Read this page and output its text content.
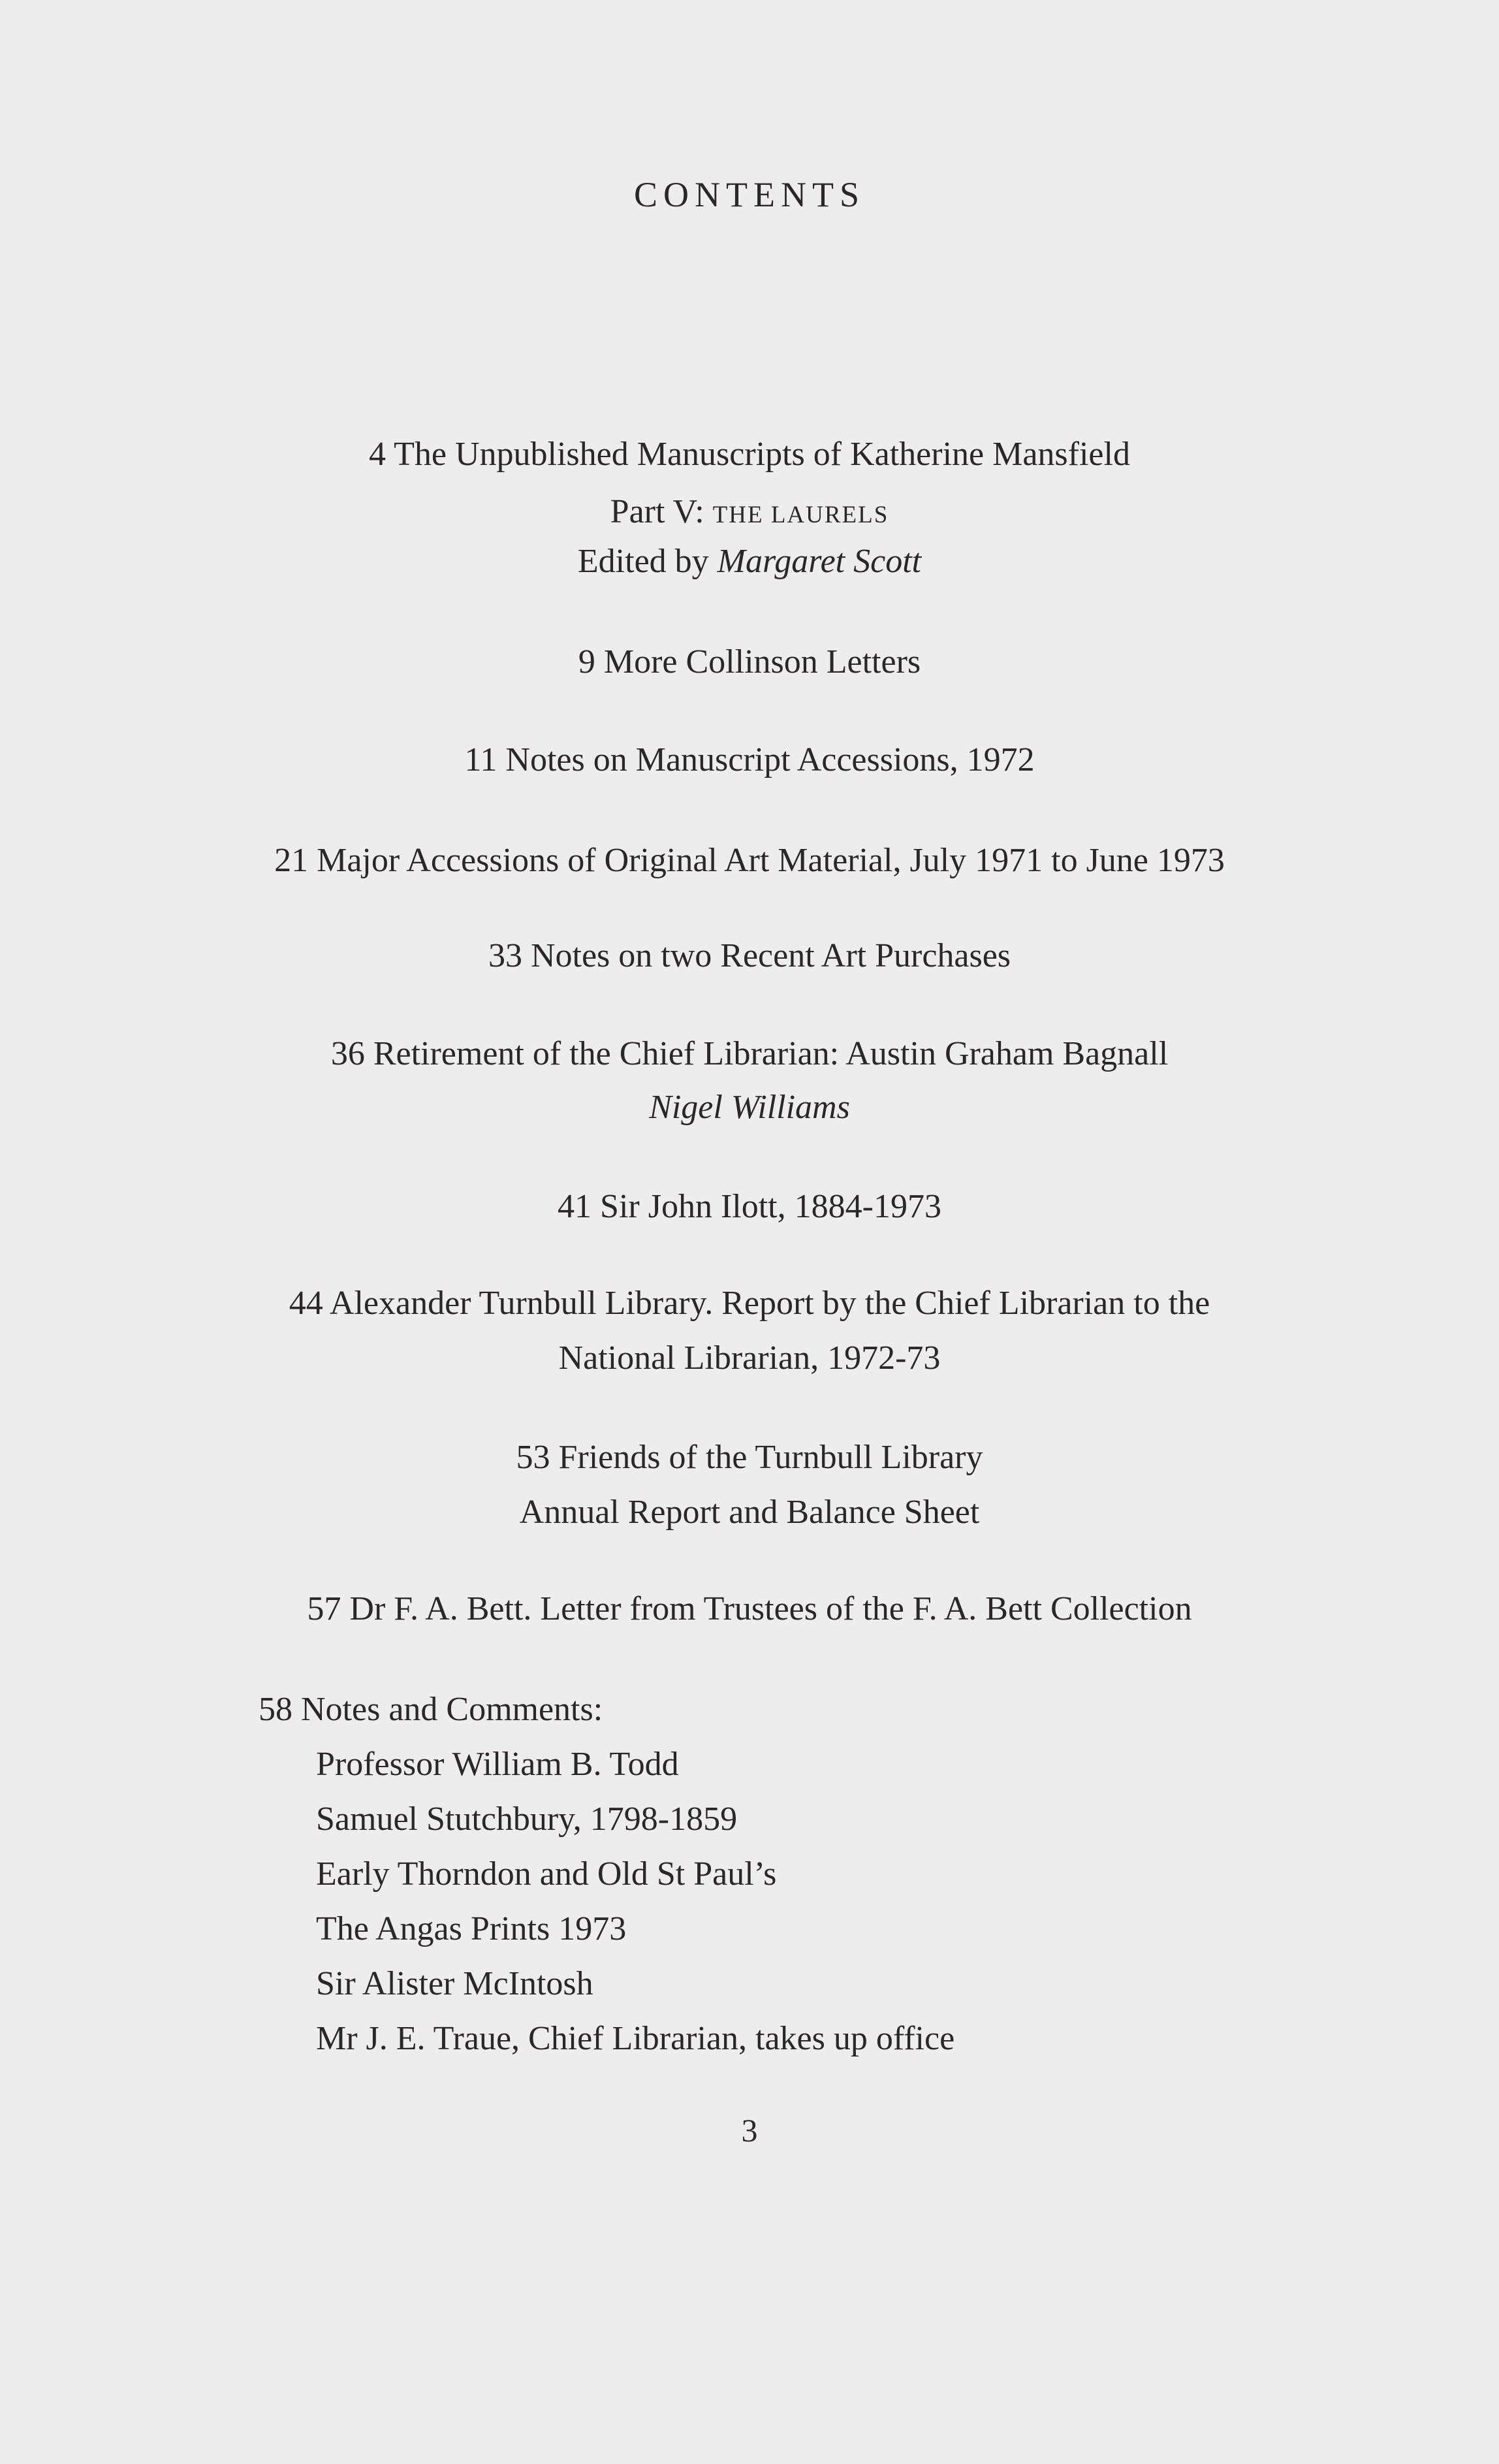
CONTENTS
4 The Unpublished Manuscripts of Katherine Mansfield
Part V: THE LAURELS
Edited by Margaret Scott
9 More Collinson Letters
11 Notes on Manuscript Accessions, 1972
21 Major Accessions of Original Art Material, July 1971 to June 1973
33 Notes on two Recent Art Purchases
36 Retirement of the Chief Librarian: Austin Graham Bagnall
Nigel Williams
41 Sir John Ilott, 1884-1973
44 Alexander Turnbull Library. Report by the Chief Librarian to the
National Librarian, 1972-73
53 Friends of the Turnbull Library
Annual Report and Balance Sheet
57 Dr F. A. Bett. Letter from Trustees of the F. A. Bett Collection
58 Notes and Comments:
Professor William B. Todd
Samuel Stutchbury, 1798-1859
Early Thorndon and Old St Paul’s
The Angas Prints 1973
Sir Alister McIntosh
Mr J. E. Traue, Chief Librarian, takes up office
3
